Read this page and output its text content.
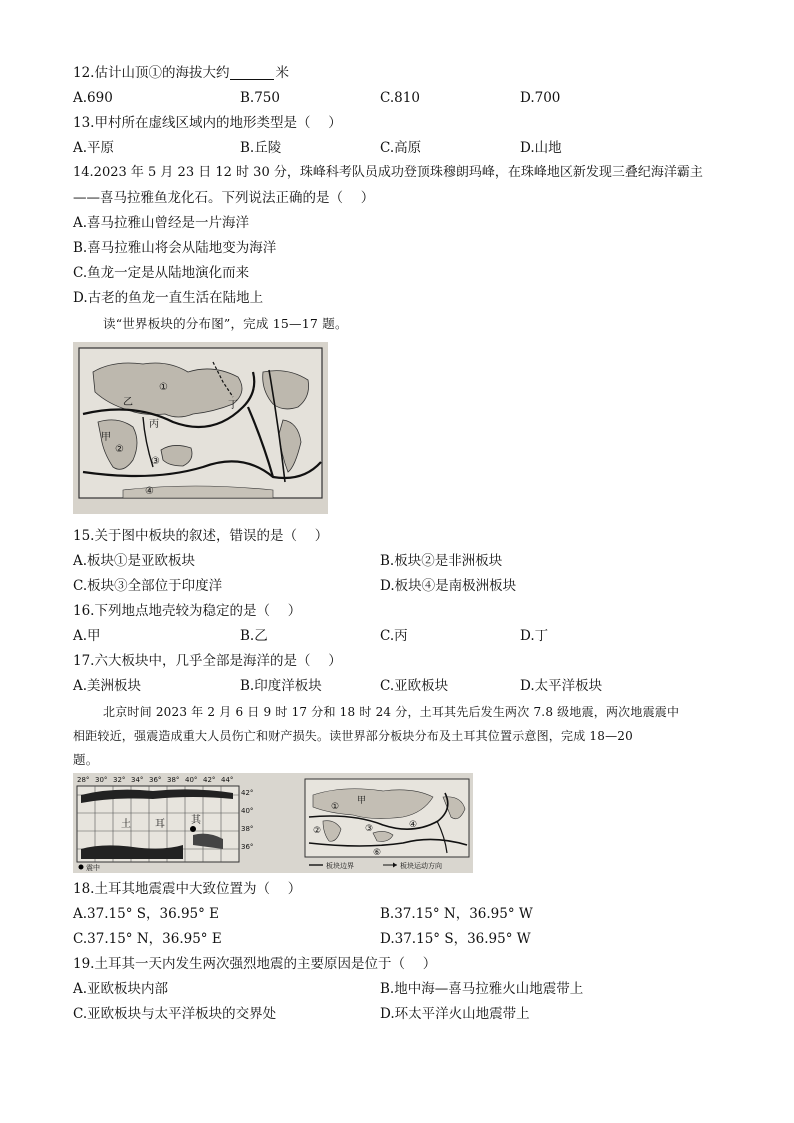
12.估计山顶①的海拔大约	米
A.690	B.750	C.810	D.700
13.甲村所在虚线区域内的地形类型是（　 ）
A.平原	B.丘陵	C.高原	D.山地
14.2023 年 5 月 23 日 12 时 30 分，珠峰科考队员成功登顶珠穆朗玛峰，在珠峰地区新发现三叠纪海洋霸主
——喜马拉雅鱼龙化石。下列说法正确的是（　 ）
A.喜马拉雅山曾经是一片海洋
B.喜马拉雅山将会从陆地变为海洋
C.鱼龙一定是从陆地演化而来
D.古老的鱼龙一直生活在陆地上
读“世界板块的分布图”，完成 15—17 题。
乙
①
丁
甲
丙
②
③
④
15.关于图中板块的叙述，错误的是（　 ）
A.板块①是亚欧板块	B.板块②是非洲板块
C.板块③全部位于印度洋	D.板块④是南极洲板块
16.下列地点地壳较为稳定的是（　 ）
A.甲	B.乙	C.丙	D.丁
17.六大板块中，几乎全部是海洋的是（　 ）
A.美洲板块	B.印度洋板块	C.亚欧板块	D.太平洋板块
北京时间 2023 年 2 月 6 日 9 时 17 分和 18 时 24 分，土耳其先后发生两次 7.8 级地震，两次地震震中
相距较近，强震造成重大人员伤亡和财产损失。读世界部分板块分布及土耳其位置示意图，完成 18—20
题。
28° 30° 32° 34° 36° 38° 40° 42° 44°
42°
40°
38°
36°
土 耳	其
震中
甲
①
②	③	④
⑥
板块边界	板块运动方向
18.土耳其地震震中大致位置为（　 ）
A.37.15° S，36.95° E	B.37.15° N，36.95° W
C.37.15° N，36.95° E	D.37.15° S，36.95° W
19.土耳其一天内发生两次强烈地震的主要原因是位于（　 ）
A.亚欧板块内部	B.地中海—喜马拉雅火山地震带上
C.亚欧板块与太平洋板块的交界处	D.环太平洋火山地震带上
